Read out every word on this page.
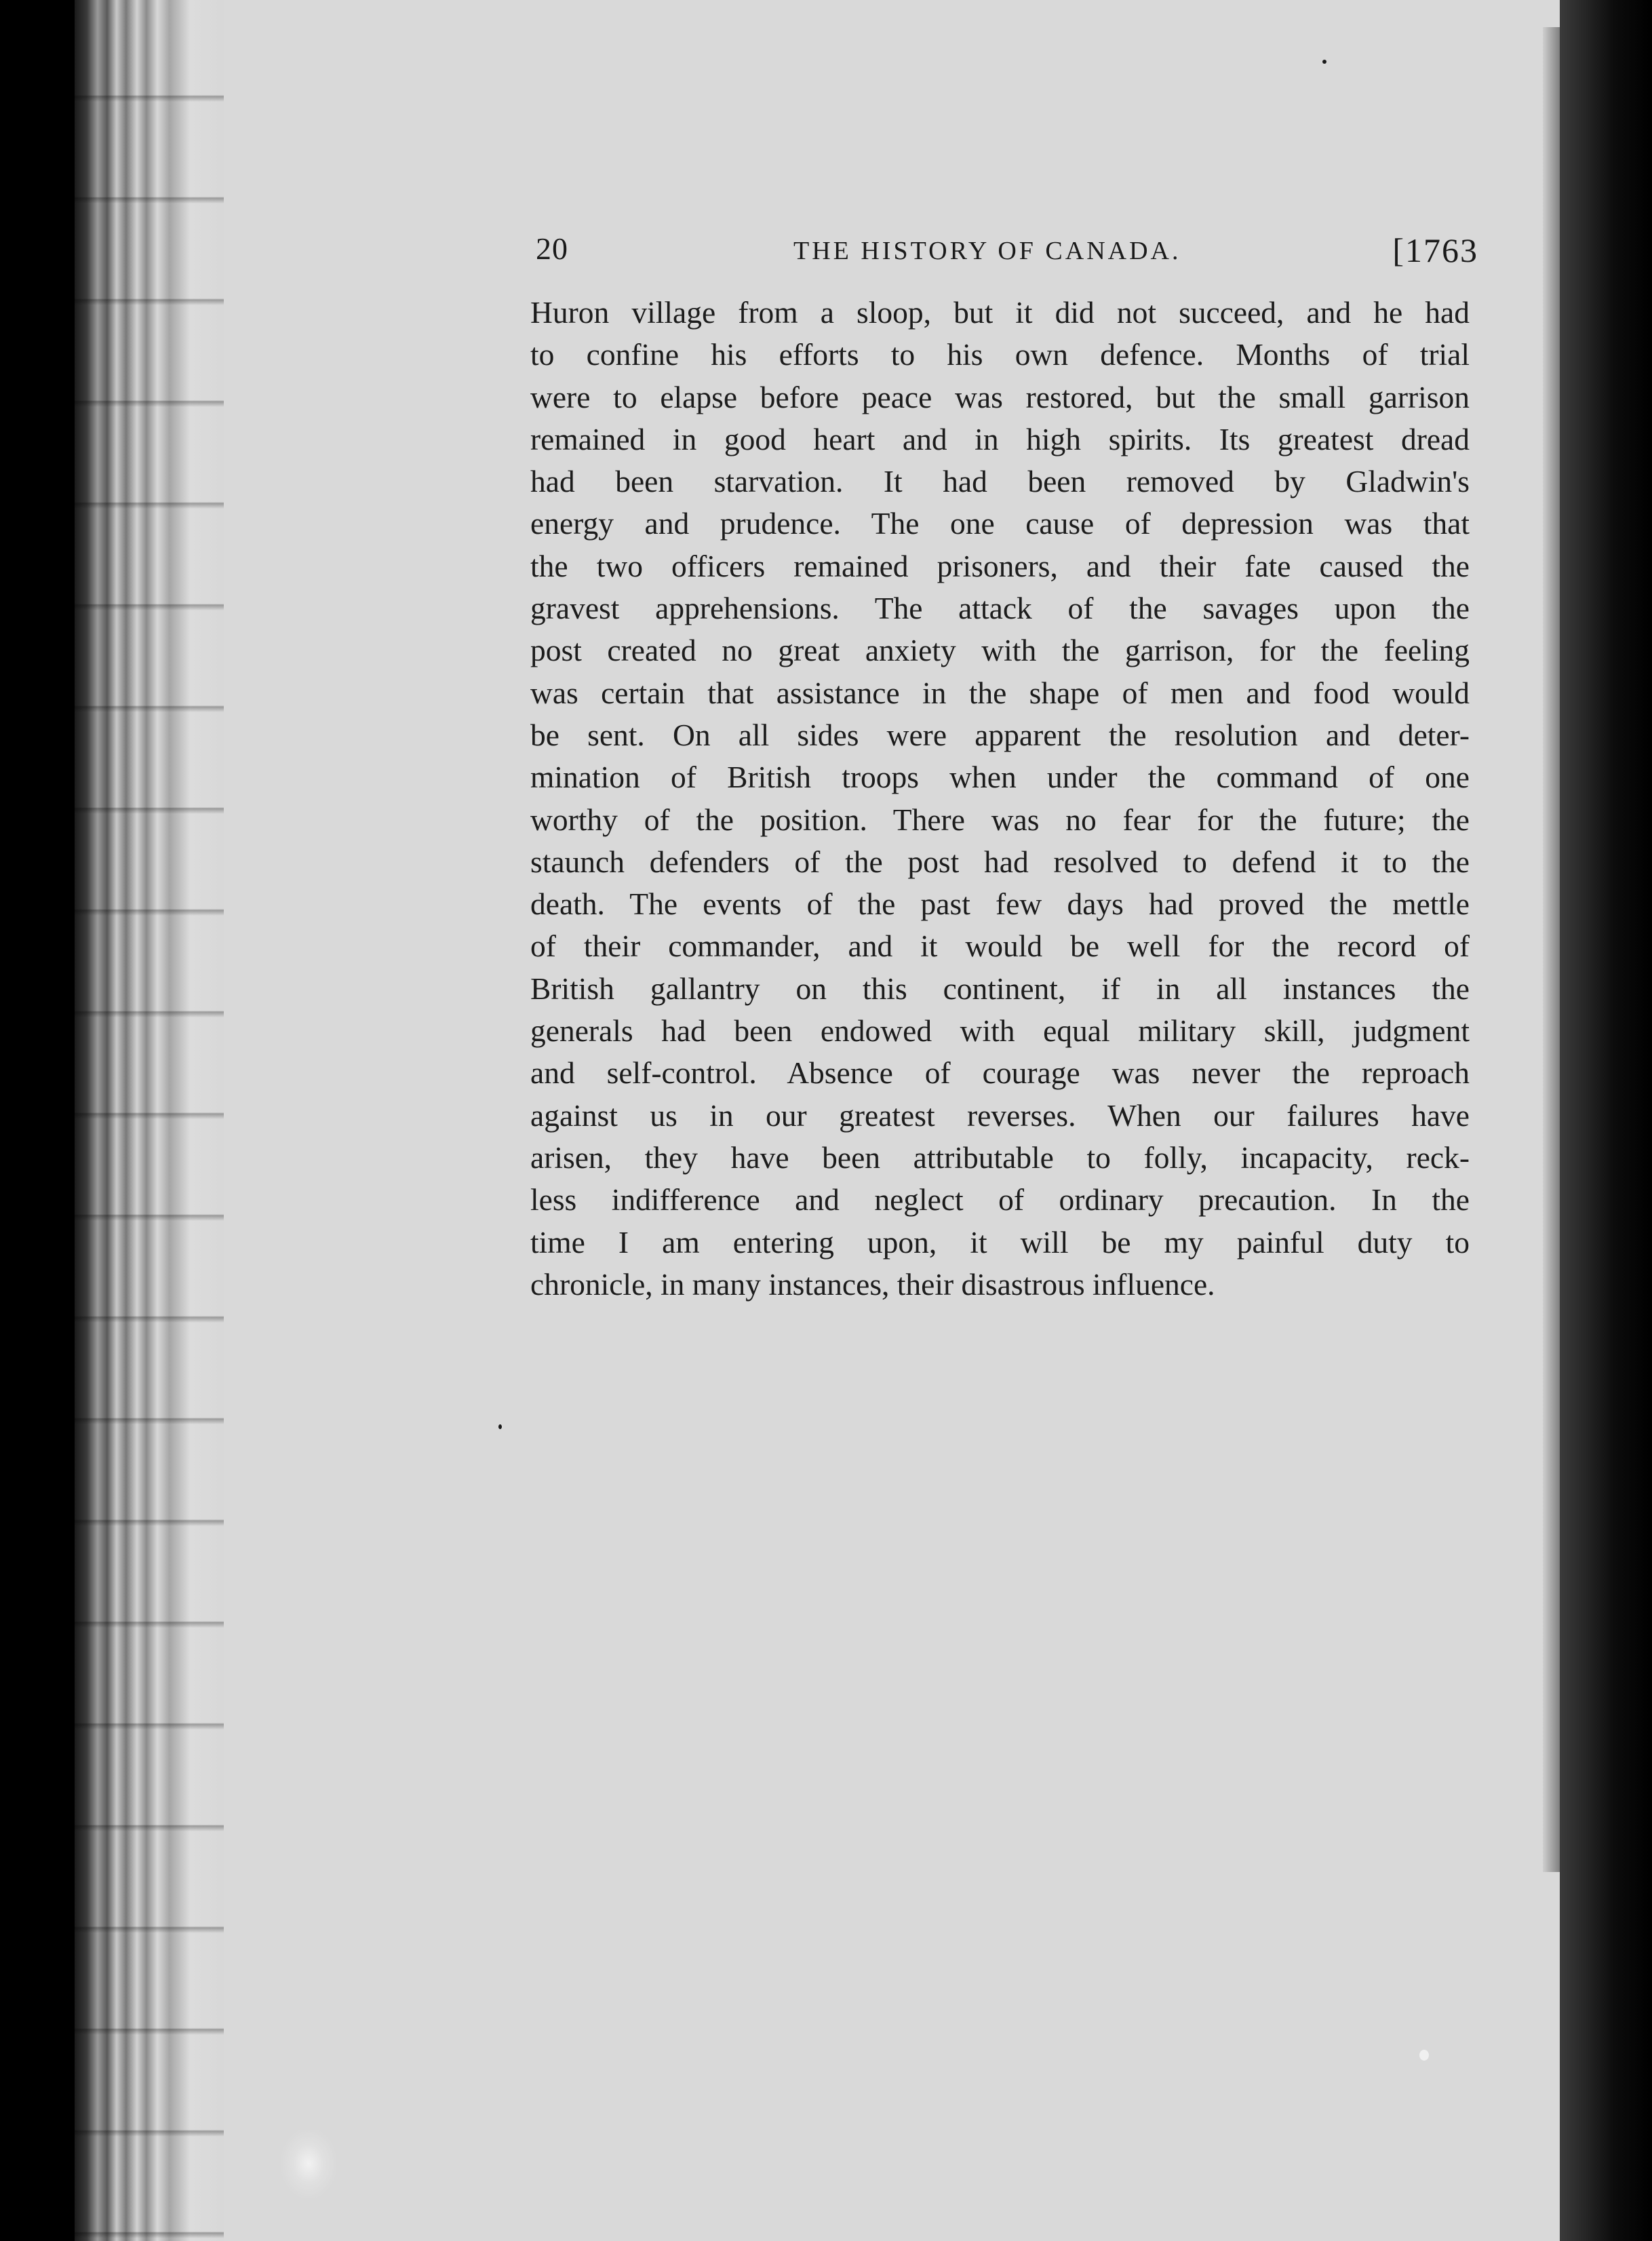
20	THE HISTORY OF CANADA.	[1763
Huron village from a sloop, but it did not succeed, and he had
to confine his efforts to his own defence. Months of trial
were to elapse before peace was restored, but the small garrison
remained in good heart and in high spirits. Its greatest dread
had been starvation. It had been removed by Gladwin's
energy and prudence. The one cause of depression was that
the two officers remained prisoners, and their fate caused the
gravest apprehensions. The attack of the savages upon the
post created no great anxiety with the garrison, for the feeling
was certain that assistance in the shape of men and food would
be sent. On all sides were apparent the resolution and deter-
mination of British troops when under the command of one
worthy of the position. There was no fear for the future; the
staunch defenders of the post had resolved to defend it to the
death. The events of the past few days had proved the mettle
of their commander, and it would be well for the record of
British gallantry on this continent, if in all instances the
generals had been endowed with equal military skill, judgment
and self-control. Absence of courage was never the reproach
against us in our greatest reverses. When our failures have
arisen, they have been attributable to folly, incapacity, reck-
less indifference and neglect of ordinary precaution. In the
time I am entering upon, it will be my painful duty to
chronicle, in many instances, their disastrous influence.
